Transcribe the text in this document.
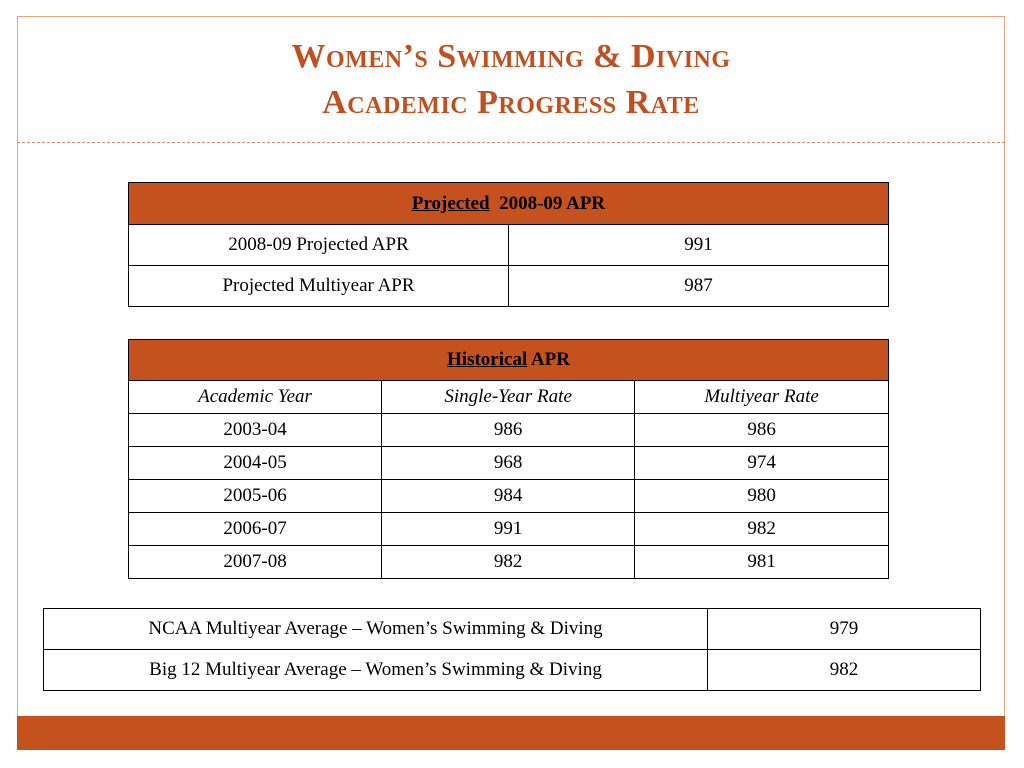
Women’s Swimming & Diving
Academic Progress Rate
Projected 2008-09 APR	
2008-09 Projected APR	991
Projected Multiyear APR	987
Historical APR		
Academic Year	Single-Year Rate	Multiyear Rate
2003-04	986	986
2004-05	968	974
2005-06	984	980
2006-07	991	982
2007-08	982	981
NCAA Multiyear Average – Women’s Swimming & Diving	979
Big 12 Multiyear Average – Women’s Swimming & Diving	982
